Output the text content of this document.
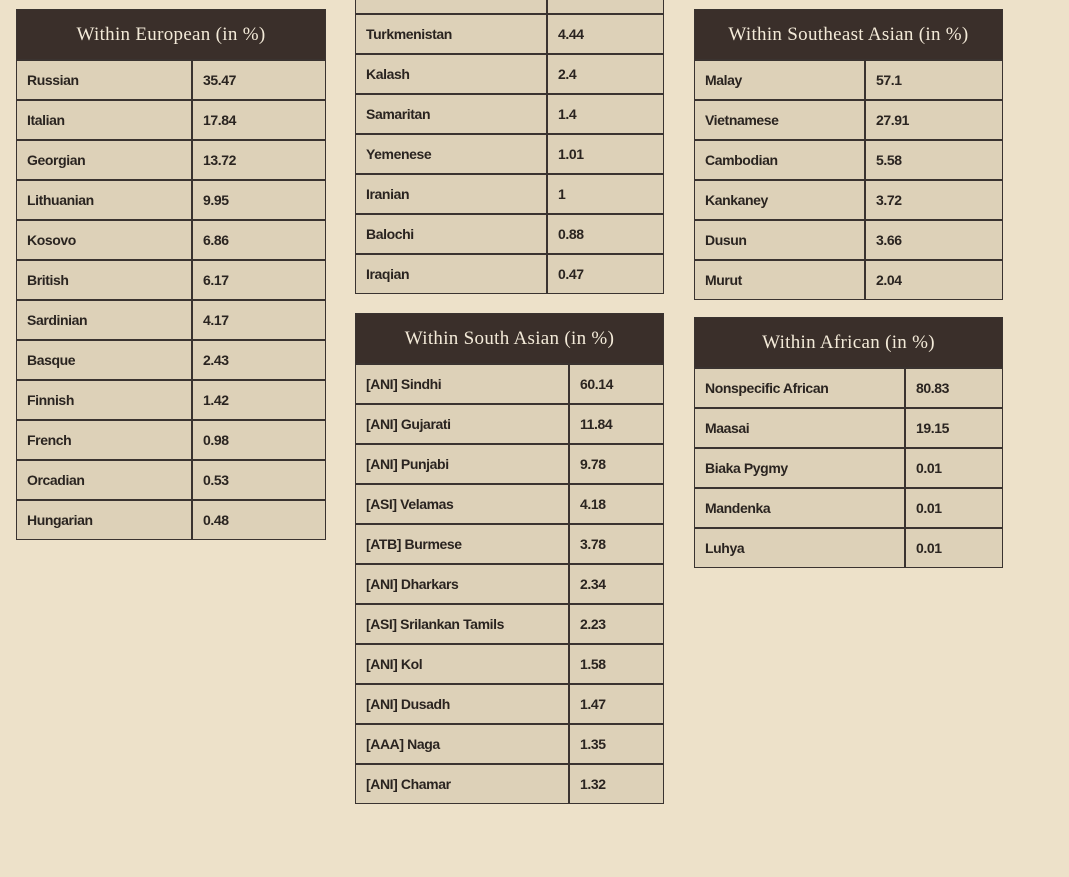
Within European (in %)
Russian	35.47
Italian	17.84
Georgian	13.72
Lithuanian	9.95
Kosovo	6.86
British	6.17
Sardinian	4.17
Basque	2.43
Finnish	1.42
French	0.98
Orcadian	0.53
Hungarian	0.48
Turkmenistan	4.44
Kalash	2.4
Samaritan	1.4
Yemenese	1.01
Iranian	1
Balochi	0.88
Iraqian	0.47
Within South Asian (in %)
[ANI] Sindhi	60.14
[ANI] Gujarati	11.84
[ANI] Punjabi	9.78
[ASI] Velamas	4.18
[ATB] Burmese	3.78
[ANI] Dharkars	2.34
[ASI] Srilankan Tamils	2.23
[ANI] Kol	1.58
[ANI] Dusadh	1.47
[AAA] Naga	1.35
[ANI] Chamar	1.32
Within Southeast Asian (in %)
Malay	57.1
Vietnamese	27.91
Cambodian	5.58
Kankaney	3.72
Dusun	3.66
Murut	2.04
Within African (in %)
Nonspecific African	80.83
Maasai	19.15
Biaka Pygmy	0.01
Mandenka	0.01
Luhya	0.01
